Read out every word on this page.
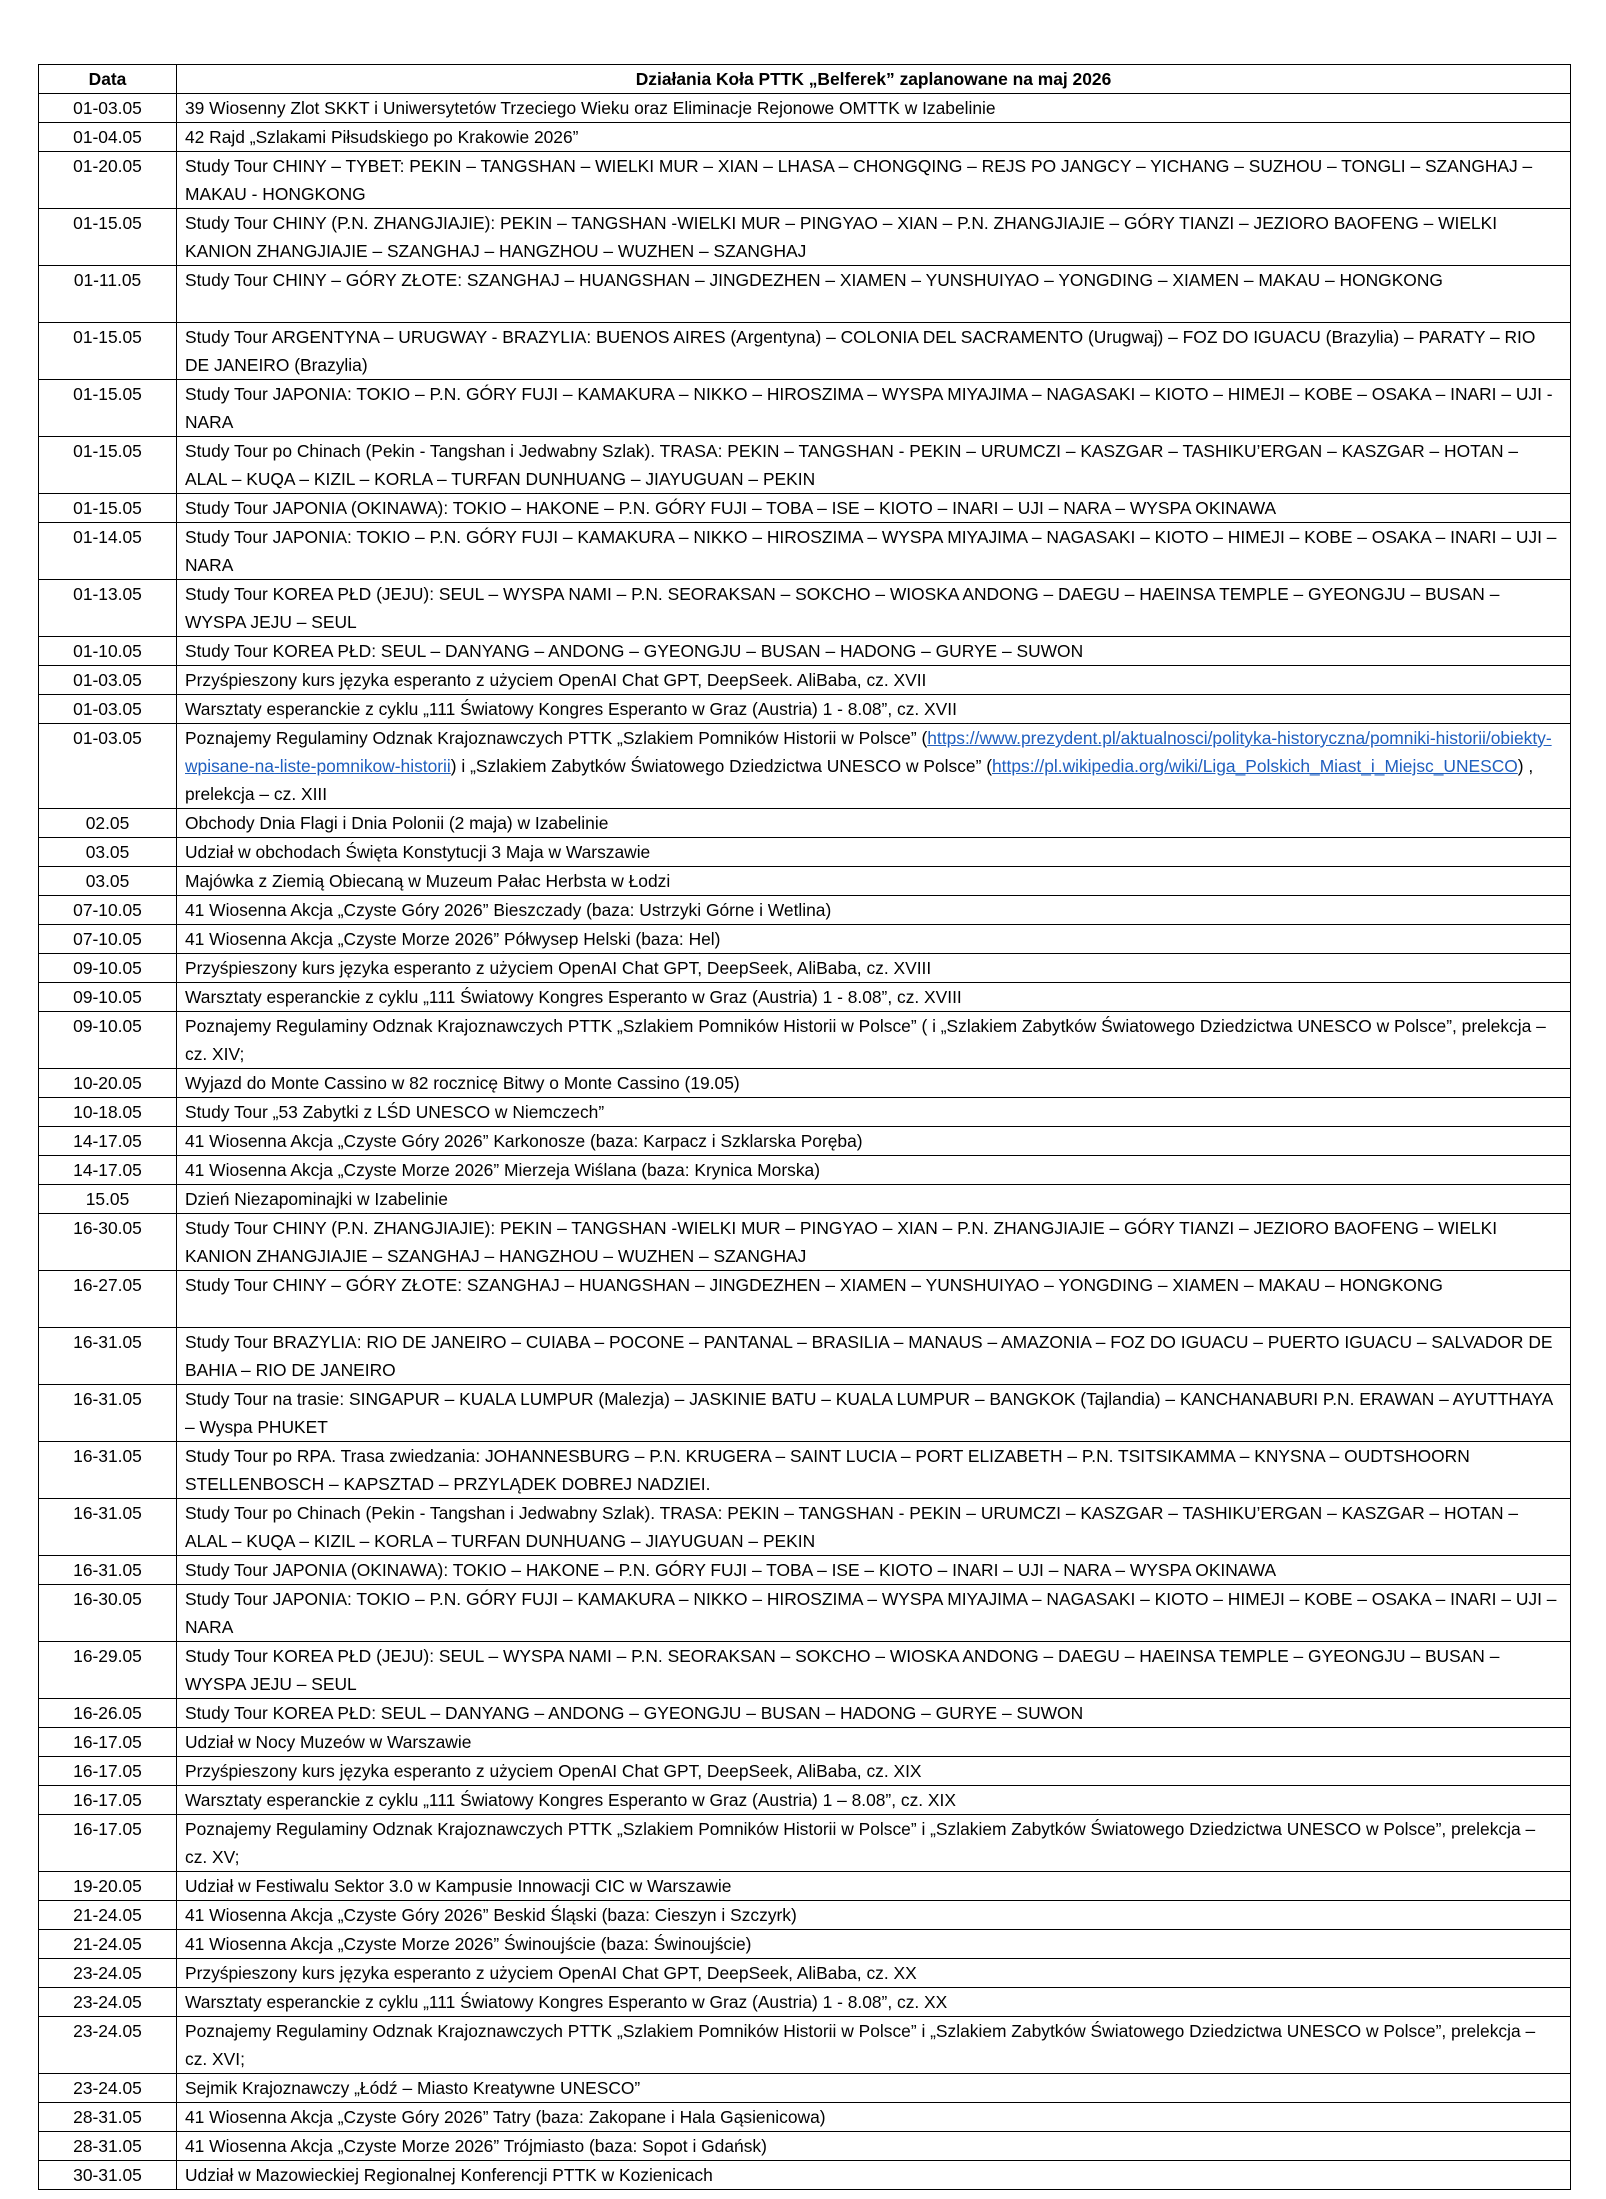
Data	Działania Koła PTTK „Belferek” zaplanowane na maj 2026
01-03.05	39 Wiosenny Zlot SKKT i Uniwersytetów Trzeciego Wieku oraz Eliminacje Rejonowe OMTTK w Izabelinie
01-04.05	42 Rajd „Szlakami Piłsudskiego po Krakowie 2026”
01-20.05	Study Tour CHINY – TYBET: PEKIN – TANGSHAN – WIELKI MUR – XIAN – LHASA – CHONGQING – REJS PO JANGCY – YICHANG – SUZHOU – TONGLI – SZANGHAJ – MAKAU - HONGKONG
01-15.05	Study Tour CHINY (P.N. ZHANGJIAJIE): PEKIN – TANGSHAN -WIELKI MUR – PINGYAO – XIAN – P.N. ZHANGJIAJIE – GÓRY TIANZI – JEZIORO BAOFENG – WIELKI KANION ZHANGJIAJIE – SZANGHAJ – HANGZHOU – WUZHEN – SZANGHAJ
01-11.05	Study Tour CHINY – GÓRY ZŁOTE: SZANGHAJ – HUANGSHAN – JINGDEZHEN – XIAMEN – YUNSHUIYAO – YONGDING – XIAMEN – MAKAU – HONGKONG
01-15.05	Study Tour ARGENTYNA – URUGWAY - BRAZYLIA: BUENOS AIRES (Argentyna) – COLONIA DEL SACRAMENTO (Urugwaj) – FOZ DO IGUACU (Brazylia) – PARATY – RIO DE JANEIRO (Brazylia)
01-15.05	Study Tour JAPONIA: TOKIO – P.N. GÓRY FUJI – KAMAKURA – NIKKO – HIROSZIMA – WYSPA MIYAJIMA – NAGASAKI – KIOTO – HIMEJI – KOBE – OSAKA – INARI – UJI - NARA
01-15.05	Study Tour po Chinach (Pekin - Tangshan i Jedwabny Szlak). TRASA: PEKIN – TANGSHAN - PEKIN – URUMCZI – KASZGAR – TASHIKU’ERGAN – KASZGAR – HOTAN – ALAL – KUQA – KIZIL – KORLA – TURFAN DUNHUANG – JIAYUGUAN – PEKIN
01-15.05	Study Tour JAPONIA (OKINAWA): TOKIO – HAKONE – P.N. GÓRY FUJI – TOBA – ISE – KIOTO – INARI – UJI – NARA – WYSPA OKINAWA
01-14.05	Study Tour JAPONIA: TOKIO – P.N. GÓRY FUJI – KAMAKURA – NIKKO – HIROSZIMA – WYSPA MIYAJIMA – NAGASAKI – KIOTO – HIMEJI – KOBE – OSAKA – INARI – UJI – NARA
01-13.05	Study Tour KOREA PŁD (JEJU): SEUL – WYSPA NAMI – P.N. SEORAKSAN – SOKCHO – WIOSKA ANDONG – DAEGU – HAEINSA TEMPLE – GYEONGJU – BUSAN – WYSPA JEJU – SEUL
01-10.05	Study Tour KOREA PŁD: SEUL – DANYANG – ANDONG – GYEONGJU – BUSAN – HADONG – GURYE – SUWON
01-03.05	Przyśpieszony kurs języka esperanto z użyciem OpenAI Chat GPT, DeepSeek. AliBaba, cz. XVII
01-03.05	Warsztaty esperanckie z cyklu „111 Światowy Kongres Esperanto w Graz (Austria) 1 - 8.08”, cz. XVII
01-03.05	Poznajemy Regulaminy Odznak Krajoznawczych PTTK „Szlakiem Pomników Historii w Polsce” (https://www.prezydent.pl/aktualnosci/polityka-historyczna/pomniki-historii/obiekty-wpisane-na-liste-pomnikow-historii) i „Szlakiem Zabytków Światowego Dziedzictwa UNESCO w Polsce” (https://pl.wikipedia.org/wiki/Liga_Polskich_Miast_i_Miejsc_UNESCO) , prelekcja – cz. XIII
02.05	Obchody Dnia Flagi i Dnia Polonii (2 maja) w Izabelinie
03.05	Udział w obchodach Święta Konstytucji 3 Maja w Warszawie
03.05	Majówka z Ziemią Obiecaną w Muzeum Pałac Herbsta w Łodzi
07-10.05	41 Wiosenna Akcja „Czyste Góry 2026” Bieszczady (baza: Ustrzyki Górne i Wetlina)
07-10.05	41 Wiosenna Akcja „Czyste Morze 2026” Półwysep Helski (baza: Hel)
09-10.05	Przyśpieszony kurs języka esperanto z użyciem OpenAI Chat GPT, DeepSeek, AliBaba, cz. XVIII
09-10.05	Warsztaty esperanckie z cyklu „111 Światowy Kongres Esperanto w Graz (Austria) 1 - 8.08”, cz. XVIII
09-10.05	Poznajemy Regulaminy Odznak Krajoznawczych PTTK „Szlakiem Pomników Historii w Polsce” ( i „Szlakiem Zabytków Światowego Dziedzictwa UNESCO w Polsce”, prelekcja – cz. XIV;
10-20.05	Wyjazd do Monte Cassino w 82 rocznicę Bitwy o Monte Cassino (19.05)
10-18.05	Study Tour „53 Zabytki z LŚD UNESCO w Niemczech”
14-17.05	41 Wiosenna Akcja „Czyste Góry 2026” Karkonosze (baza: Karpacz i Szklarska Poręba)
14-17.05	41 Wiosenna Akcja „Czyste Morze 2026” Mierzeja Wiślana (baza: Krynica Morska)
15.05	Dzień Niezapominajki w Izabelinie
16-30.05	Study Tour CHINY (P.N. ZHANGJIAJIE): PEKIN – TANGSHAN -WIELKI MUR – PINGYAO – XIAN – P.N. ZHANGJIAJIE – GÓRY TIANZI – JEZIORO BAOFENG – WIELKI KANION ZHANGJIAJIE – SZANGHAJ – HANGZHOU – WUZHEN – SZANGHAJ
16-27.05	Study Tour CHINY – GÓRY ZŁOTE: SZANGHAJ – HUANGSHAN – JINGDEZHEN – XIAMEN – YUNSHUIYAO – YONGDING – XIAMEN – MAKAU – HONGKONG
16-31.05	Study Tour BRAZYLIA: RIO DE JANEIRO – CUIABA – POCONE – PANTANAL – BRASILIA – MANAUS – AMAZONIA – FOZ DO IGUACU – PUERTO IGUACU – SALVADOR DE BAHIA – RIO DE JANEIRO
16-31.05	Study Tour na trasie: SINGAPUR – KUALA LUMPUR (Malezja) – JASKINIE BATU – KUALA LUMPUR – BANGKOK (Tajlandia) – KANCHANABURI P.N. ERAWAN – AYUTTHAYA – Wyspa PHUKET
16-31.05	Study Tour po RPA. Trasa zwiedzania: JOHANNESBURG – P.N. KRUGERA – SAINT LUCIA – PORT ELIZABETH – P.N. TSITSIKAMMA – KNYSNA – OUDTSHOORN STELLENBOSCH – KAPSZTAD – PRZYLĄDEK DOBREJ NADZIEI.
16-31.05	Study Tour po Chinach (Pekin - Tangshan i Jedwabny Szlak). TRASA: PEKIN – TANGSHAN - PEKIN – URUMCZI – KASZGAR – TASHIKU’ERGAN – KASZGAR – HOTAN – ALAL – KUQA – KIZIL – KORLA – TURFAN DUNHUANG – JIAYUGUAN – PEKIN
16-31.05	Study Tour JAPONIA (OKINAWA): TOKIO – HAKONE – P.N. GÓRY FUJI – TOBA – ISE – KIOTO – INARI – UJI – NARA – WYSPA OKINAWA
16-30.05	Study Tour JAPONIA: TOKIO – P.N. GÓRY FUJI – KAMAKURA – NIKKO – HIROSZIMA – WYSPA MIYAJIMA – NAGASAKI – KIOTO – HIMEJI – KOBE – OSAKA – INARI – UJI – NARA
16-29.05	Study Tour KOREA PŁD (JEJU): SEUL – WYSPA NAMI – P.N. SEORAKSAN – SOKCHO – WIOSKA ANDONG – DAEGU – HAEINSA TEMPLE – GYEONGJU – BUSAN – WYSPA JEJU – SEUL
16-26.05	Study Tour KOREA PŁD: SEUL – DANYANG – ANDONG – GYEONGJU – BUSAN – HADONG – GURYE – SUWON
16-17.05	Udział w Nocy Muzeów w Warszawie
16-17.05	Przyśpieszony kurs języka esperanto z użyciem OpenAI Chat GPT, DeepSeek, AliBaba, cz. XIX
16-17.05	Warsztaty esperanckie z cyklu „111 Światowy Kongres Esperanto w Graz (Austria) 1 – 8.08”, cz. XIX
16-17.05	Poznajemy Regulaminy Odznak Krajoznawczych PTTK „Szlakiem Pomników Historii w Polsce” i „Szlakiem Zabytków Światowego Dziedzictwa UNESCO w Polsce”, prelekcja – cz. XV;
19-20.05	Udział w Festiwalu Sektor 3.0 w Kampusie Innowacji CIC w Warszawie
21-24.05	41 Wiosenna Akcja „Czyste Góry 2026” Beskid Śląski (baza: Cieszyn i Szczyrk)
21-24.05	41 Wiosenna Akcja „Czyste Morze 2026” Świnoujście (baza: Świnoujście)
23-24.05	Przyśpieszony kurs języka esperanto z użyciem OpenAI Chat GPT, DeepSeek, AliBaba, cz. XX
23-24.05	Warsztaty esperanckie z cyklu „111 Światowy Kongres Esperanto w Graz (Austria) 1 - 8.08”, cz. XX
23-24.05	Poznajemy Regulaminy Odznak Krajoznawczych PTTK „Szlakiem Pomników Historii w Polsce” i „Szlakiem Zabytków Światowego Dziedzictwa UNESCO w Polsce”, prelekcja – cz. XVI;
23-24.05	Sejmik Krajoznawczy „Łódź – Miasto Kreatywne UNESCO”
28-31.05	41 Wiosenna Akcja „Czyste Góry 2026” Tatry (baza: Zakopane i Hala Gąsienicowa)
28-31.05	41 Wiosenna Akcja „Czyste Morze 2026” Trójmiasto (baza: Sopot i Gdańsk)
30-31.05	Udział w Mazowieckiej Regionalnej Konferencji PTTK w Kozienicach
